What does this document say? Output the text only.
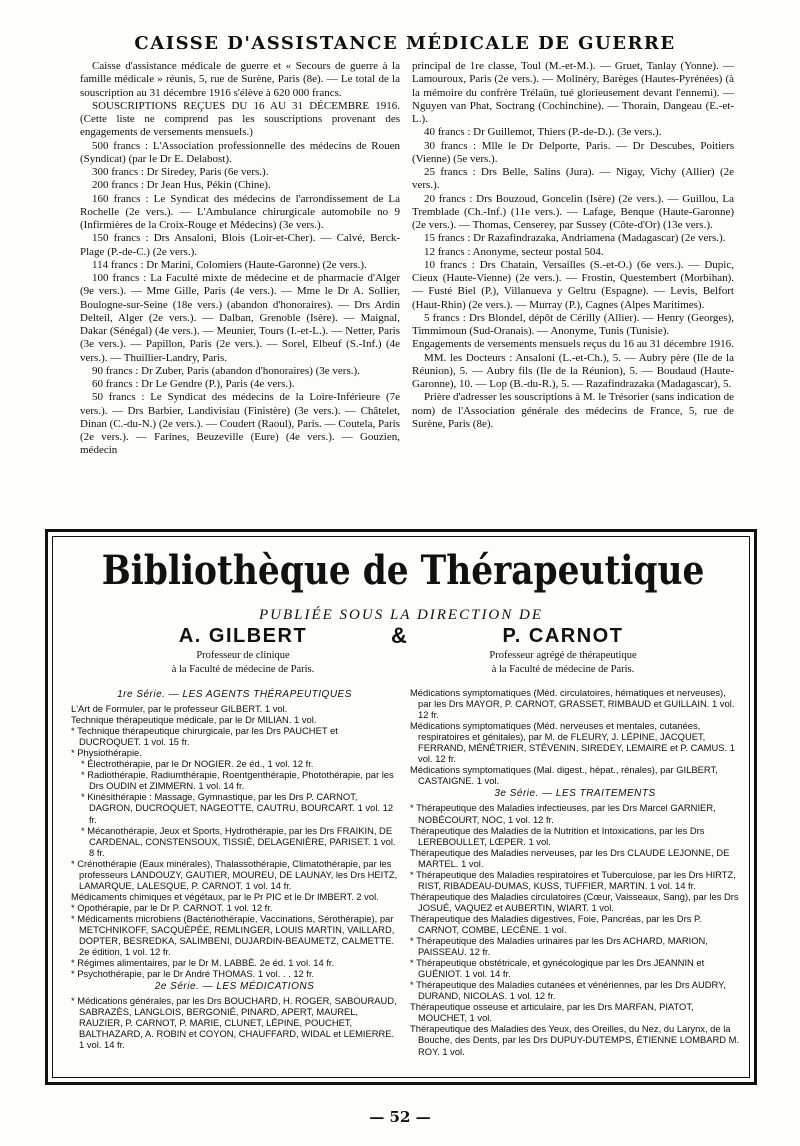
CAISSE D'ASSISTANCE MÉDICALE DE GUERRE

Caisse d'assistance médicale de guerre et « Secours de guerre à la famille médicale » réunis, 5, rue de Surène, Paris (8e). — Le total de la souscription au 31 décembre 1916 s'élève à 620 000 francs.

SOUSCRIPTIONS REÇUES DU 16 AU 31 DÉCEMBRE 1916. (Cette liste ne comprend pas les souscriptions provenant des engagements de versements mensuels.)

500 francs : L'Association professionnelle des médecins de Rouen (Syndicat) (par le Dr E. Delabost).

300 francs : Dr Siredey, Paris (6e vers.).

200 francs : Dr Jean Hus, Pékin (Chine).

160 francs : Le Syndicat des médecins de l'arrondissement de La Rochelle (2e vers.). — L'Ambulance chirurgicale automobile no 9 (Infirmières de la Croix-Rouge et Médecins) (3e vers.).

150 francs : Drs Ansaloni, Blois (Loir-et-Cher). — Calvé, Berck-Plage (P.-de-C.) (2e vers.).

114 francs : Dr Marini, Colomiers (Haute-Garonne) (2e vers.).

100 francs : La Faculté mixte de médecine et de pharmacie d'Alger (9e vers.). — Mme Gille, Paris (4e vers.). — Mme le Dr A. Sollier, Boulogne-sur-Seine (18e vers.) (abandon d'honoraires). — Drs Ardin Delteil, Alger (2e vers.). — Dalban, Grenoble (Isère). — Maignal, Dakar (Sénégal) (4e vers.). — Meunier, Tours (I.-et-L.). — Netter, Paris (3e vers.). — Papillon, Paris (2e vers.). — Sorel, Elbeuf (S.-Inf.) (4e vers.). — Thuillier-Landry, Paris.

90 francs : Dr Zuber, Paris (abandon d'honoraires) (3e vers.).

60 francs : Dr Le Gendre (P.), Paris (4e vers.).

50 francs : Le Syndicat des médecins de la Loire-Inférieure (7e vers.). — Drs Barbier, Landivisiau (Finistère) (3e vers.). — Châtelet, Dinan (C.-du-N.) (2e vers.). — Coudert (Raoul), Paris. — Coutela, Paris (2e vers.). — Farines, Beuzeville (Eure) (4e vers.). — Gouzien, médecin

principal de 1re classe, Toul (M.-et-M.). — Gruet, Tanlay (Yonne). — Lamouroux, Paris (2e vers.). — Molinéry, Barèges (Hautes-Pyrénées) (à la mémoire du confrère Trélaün, tué glorieusement devant l'ennemi). — Nguyen van Phat, Soctrang (Cochinchine). — Thorain, Dangeau (E.-et-L.).

40 francs : Dr Guillemot, Thiers (P.-de-D.). (3e vers.).

30 francs : Mlle le Dr Delporte, Paris. — Dr Descubes, Poitiers (Vienne) (5e vers.).

25 francs : Drs Belle, Salins (Jura). — Nigay, Vichy (Allier) (2e vers.).

20 francs : Drs Bouzoud, Goncelin (Isère) (2e vers.). — Guillou, La Tremblade (Ch.-Inf.) (11e vers.). — Lafage, Benque (Haute-Garonne) (2e vers.). — Thomas, Censerey, par Sussey (Côte-d'Or) (13e vers.).

15 francs : Dr Razafindrazaka, Andriamena (Madagascar) (2e vers.).

12 francs : Anonyme, secteur postal 504.

10 francs : Drs Chatain, Versailles (S.-et-O.) (6e vers.). — Dupic, Cieux (Haute-Vienne) (2e vers.). — Frostin, Questembert (Morbihan). — Fusté Biel (P.), Villanueva y Geltru (Espagne). — Levis, Belfort (Haut-Rhin) (2e vers.). — Murray (P.), Cagnes (Alpes Maritimes).

5 francs : Drs Blondel, dépôt de Cérilly (Allier). — Henry (Georges), Timmimoun (Sud-Oranais). — Anonyme, Tunis (Tunisie).

Engagements de versements mensuels reçus du 16 au 31 décembre 1916.

MM. les Docteurs : Ansaloni (L.-et-Ch.), 5. — Aubry père (Ile de la Réunion), 5. — Aubry fils (Ile de la Réunion), 5. — Boudaud (Haute-Garonne), 10. — Lop (B.-du-R.), 5. — Razafindrazaka (Madagascar), 5.

Prière d'adresser les souscriptions à M. le Trésorier (sans indication de nom) de l'Association générale des médecins de France, 5, rue de Surène, Paris (8e).

Bibliothèque de Thérapeutique
PUBLIÉE SOUS LA DIRECTION DE
A. GILBERT
Professeur de clinique
à la Faculté de médecine de Paris.
&	P. CARNOT
Professeur agrégé de thérapeutique
à la Faculté de médecine de Paris.
1re Série. — LES AGENTS THÉRAPEUTIQUES
L'Art de Formuler, par le professeur GILBERT. 1 vol.
Technique thérapeutique médicale, par le Dr MILIAN. 1 vol.
* Technique thérapeutique chirurgicale, par les Drs PAUCHET et DUCROQUET. 1 vol. 15 fr.
* Physiothérapie.
* Électrothérapie, par le Dr NOGIER. 2e éd., 1 vol. 12 fr.
* Radiothérapie, Radiumthérapie, Roentgenthérapie, Photothérapie, par les Drs OUDIN et ZIMMERN. 1 vol. 14 fr.
* Kinésithérapie : Massage, Gymnastique, par les Drs P. CARNOT, DAGRON, DUCROQUET, NAGEOTTE, CAUTRU, BOURCART. 1 vol. 12 fr.
* Mécanothérapie, Jeux et Sports, Hydrothérapie, par les Drs FRAIKIN, DE CARDENAL, CONSTENSOUX, TISSIÉ, DELAGENIÈRE, PARISET. 1 vol. 8 fr.
* Crénothérapie (Eaux minérales), Thalassothérapie, Climatothérapie, par les professeurs LANDOUZY, GAUTIER, MOUREU, DE LAUNAY, les Drs HEITZ, LAMARQUE, LALESQUE, P. CARNOT. 1 vol. 14 fr.
Médicaments chimiques et végétaux, par le Pr PIC et le Dr IMBERT. 2 vol.
* Opothérapie, par le Dr P. CARNOT. 1 vol. 12 fr.
* Médicaments microbiens (Bactériothérapie, Vaccinations, Sérothérapie), par METCHNIKOFF, SACQUÉPÉE, REMLINGER, LOUIS MARTIN, VAILLARD, DOPTER, BESREDKA, SALIMBENI, DUJARDIN-BEAUMETZ, CALMETTE. 2e édition, 1 vol. 12 fr.
* Régimes alimentaires, par le Dr M. LABBÉ. 2e éd. 1 vol. 14 fr.
* Psychothérapie, par le Dr André THOMAS. 1 vol. . . 12 fr.
2e Série. — LES MÉDICATIONS
* Médications générales, par les Drs BOUCHARD, H. ROGER, SABOURAUD, SABRAZÈS, LANGLOIS, BERGONIÉ, PINARD, APERT, MAUREL, RAUZIER, P. CARNOT, P. MARIE, CLUNET, LÉPINE, POUCHET, BALTHAZARD, A. ROBIN et COYON, CHAUFFARD, WIDAL et LEMIERRE. 1 vol. 14 fr.
Médications symptomatiques (Méd. circulatoires, hématiques et nerveuses), par les Drs MAYOR, P. CARNOT, GRASSET, RIMBAUD et GUILLAIN. 1 vol. 12 fr.
Médications symptomatiques (Méd. nerveuses et mentales, cutanées, respiratoires et génitales), par M. de FLEURY, J. LÉPINE, JACQUET, FERRAND, MÉNÉTRIER, STÉVENIN, SIREDEY, LEMAIRE et P. CAMUS. 1 vol. 12 fr.
Médications symptomatiques (Mal. digest., hépat., rénales), par GILBERT, CASTAIGNE. 1 vol.
3e Série. — LES TRAITEMENTS
* Thérapeutique des Maladies infectieuses, par les Drs Marcel GARNIER, NOBÉCOURT, NOC, 1 vol. 12 fr.
Thérapeutique des Maladies de la Nutrition et Intoxications, par les Drs LEREBOULLET, LŒPER. 1 vol.
Thérapeutique des Maladies nerveuses, par les Drs CLAUDE LEJONNE, DE MARTEL. 1 vol.
* Thérapeutique des Maladies respiratoires et Tuberculose, par les Drs HIRTZ, RIST, RIBADEAU-DUMAS, KUSS, TUFFIER, MARTIN. 1 vol. 14 fr.
Thérapeutique des Maladies circulatoires (Cœur, Vaisseaux, Sang), par les Drs JOSUÉ, VAQUEZ et AUBERTIN, WIART. 1 vol.
Thérapeutique des Maladies digestives, Foie, Pancréas, par les Drs P. CARNOT, COMBE, LECÈNE. 1 vol.
* Thérapeutique des Maladies urinaires par les Drs ACHARD, MARION, PAISSEAU. 12 fr.
* Thérapeutique obstétricale, et gynécologique par les Drs JEANNIN et GUÉNIOT. 1 vol. 14 fr.
* Thérapeutique des Maladies cutanées et vénériennes, par les Drs AUDRY, DURAND, NICOLAS. 1 vol. 12 fr.
Thérapeutique osseuse et articulaire, par les Drs MARFAN, PIATOT, MOUCHET, 1 vol.
Thérapeutique des Maladies des Yeux, des Oreilles, du Nez, du Larynx, de la Bouche, des Dents, par les Drs DUPUY-DUTEMPS, ÉTIENNE LOMBARD M. ROY. 1 vol.
— 52 —
